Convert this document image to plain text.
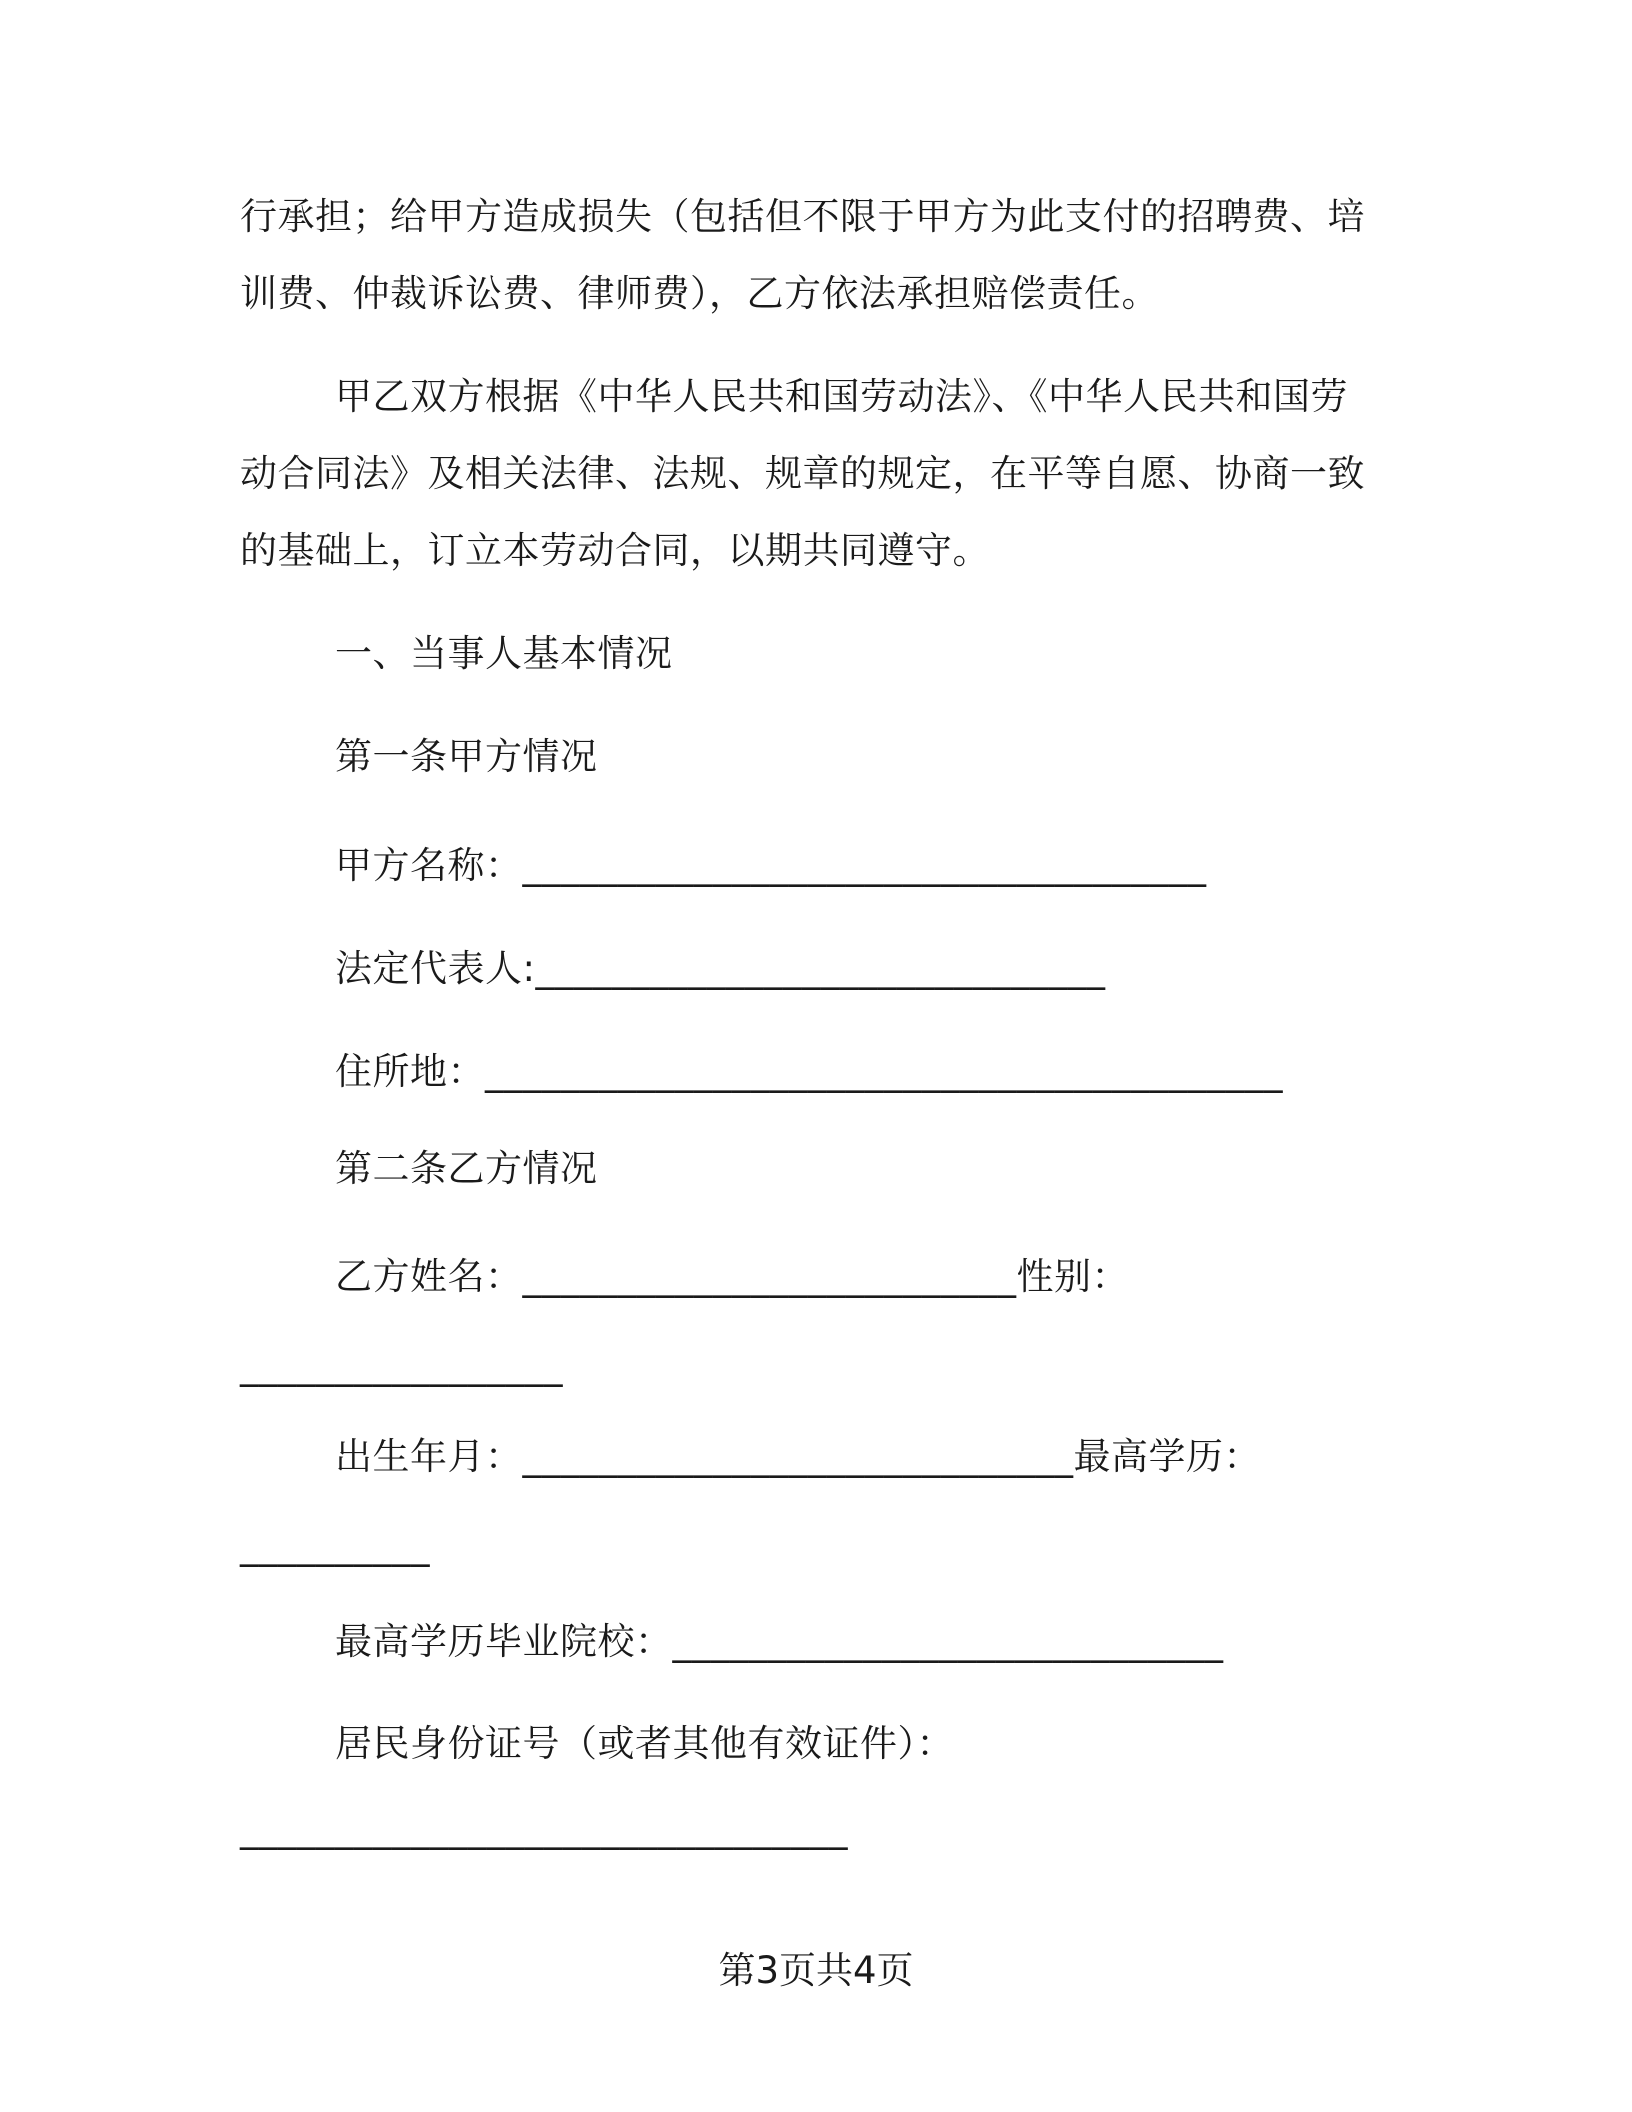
行承担；给甲方造成损失（包括但不限于甲方为此支付的招聘费、培
训费、仲裁诉讼费、律师费），乙方依法承担赔偿责任。
甲乙双方根据《中华人民共和国劳动法》、《中华人民共和国劳
动合同法》及相关法律、法规、规章的规定，在平等自愿、协商一致
的基础上，订立本劳动合同，以期共同遵守。
一、当事人基本情况
第一条甲方情况
甲方名称：____________________________________
法定代表人:______________________________
住所地：__________________________________________
第二条乙方情况
乙方姓名：__________________________性别：
_________________
出生年月：_____________________________最高学历：
__________
最高学历毕业院校：_____________________________
居民身份证号（或者其他有效证件）：
________________________________
第3页共4页
